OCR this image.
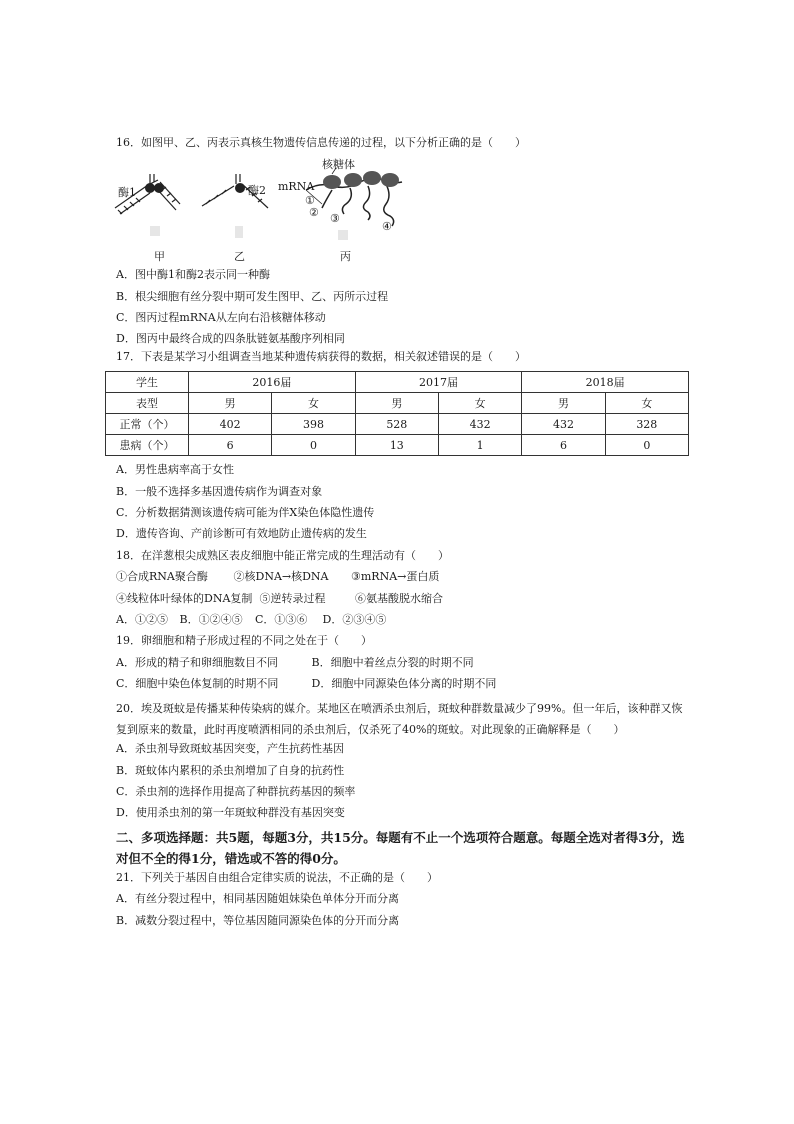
16．如图甲、乙、丙表示真核生物遗传信息传递的过程，以下分析正确的是（　　）
酶1	酶2
核糖体
mRNA
①
② ③
④
甲	乙	丙
A．图中酶1和酶2表示同一种酶
B．根尖细胞有丝分裂中期可发生图甲、乙、丙所示过程
C．图丙过程mRNA从左向右沿核糖体移动
D．图丙中最终合成的四条肽链氨基酸序列相同
17．下表是某学习小组调查当地某种遗传病获得的数据，相关叙述错误的是（　　）
学生	2016届		2017届		2018届	
表型	男	女	男	女	男	女
正常（个）	402	398	528	432	432	328
患病（个）	6	0	13	1	6	0
A．男性患病率高于女性
B．一般不选择多基因遗传病作为调查对象
C．分析数据猜测该遗传病可能为伴X染色体隐性遗传
D．遗传咨询、产前诊断可有效地防止遗传病的发生
18．在洋葱根尖成熟区表皮细胞中能正常完成的生理活动有（　　）
①合成RNA聚合酶 ②核DNA→核DNA ③mRNA→蛋白质
④线粒体叶绿体的DNA复制 ⑤逆转录过程	⑥氨基酸脱水缩合
A．①②⑤ B．①②④⑤ C．①③⑥ D．②③④⑤
19．卵细胞和精子形成过程的不同之处在于（　　）
A．形成的精子和卵细胞数目不同	B．细胞中着丝点分裂的时期不同
C．细胞中染色体复制的时期不同	D．细胞中同源染色体分离的时期不同
20．埃及斑蚊是传播某种传染病的媒介。某地区在喷洒杀虫剂后，斑蚊种群数量减少了99%。但一年后，该种群又恢复到原来的数量，此时再度喷洒相同的杀虫剂后，仅杀死了40%的斑蚊。对此现象的正确解释是（　　）
A．杀虫剂导致斑蚊基因突变，产生抗药性基因
B．斑蚊体内累积的杀虫剂增加了自身的抗药性
C．杀虫剂的选择作用提高了种群抗药基因的频率
D．使用杀虫剂的第一年斑蚊种群没有基因突变
二、多项选择题：共5题，每题3分，共15分。每题有不止一个选项符合题意。每题全选对者得3分，选对但不全的得1分，错选或不答的得0分。
21．下列关于基因自由组合定律实质的说法，不正确的是（　　）
A．有丝分裂过程中，相同基因随姐妹染色单体分开而分离
B．减数分裂过程中，等位基因随同源染色体的分开而分离
